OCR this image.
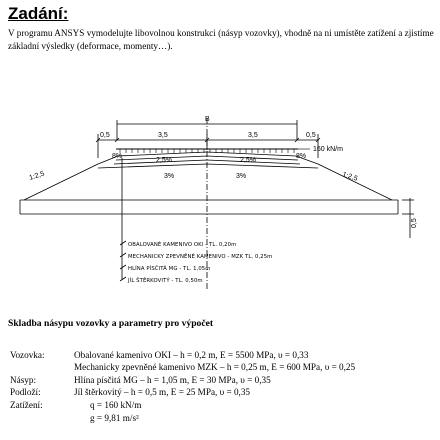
Zadání:
V programu ANSYS vymodelujte libovolnou konstrukci (násyp vozovky), vhodně na ni umístěte zatížení a zjistíme základní výsledky (deformace, momenty…).
B
0,5	3,5	3,5	0,5
160 kN/m
1:2,5	1:2,5
2,5%	2,5%
8%	8%
3%	3%
0,5
OBALOVANÉ KAMENIVO OKI - TL. 0,20m
MECHANICKY ZPEVNĚNÉ KAMENIVO - MZK TL. 0,25m
HLÍNA PÍSČITÁ MG - TL. 1,05m
JÍL ŠTĚRKOVITÝ - TL. 0,50m
Skladba násypu vozovky a parametry pro výpočet
Vozovka:	Obalované kamenivo OKI – h = 0,2 m, E = 5500 MPa, υ = 0,33
Mechanicky zpevněné kamenivo MZK – h = 0,25 m, E = 600 MPa, υ = 0,25
Násyp:	Hlína písčitá MG – h = 1,05 m, E = 30 MPa, υ = 0,35
Podloží:	Jíl štěrkovitý – h = 0,5 m, E = 25 MPa, υ = 0,35
Zatížení:	q = 160 kN/m
g = 9,81 m/s²
